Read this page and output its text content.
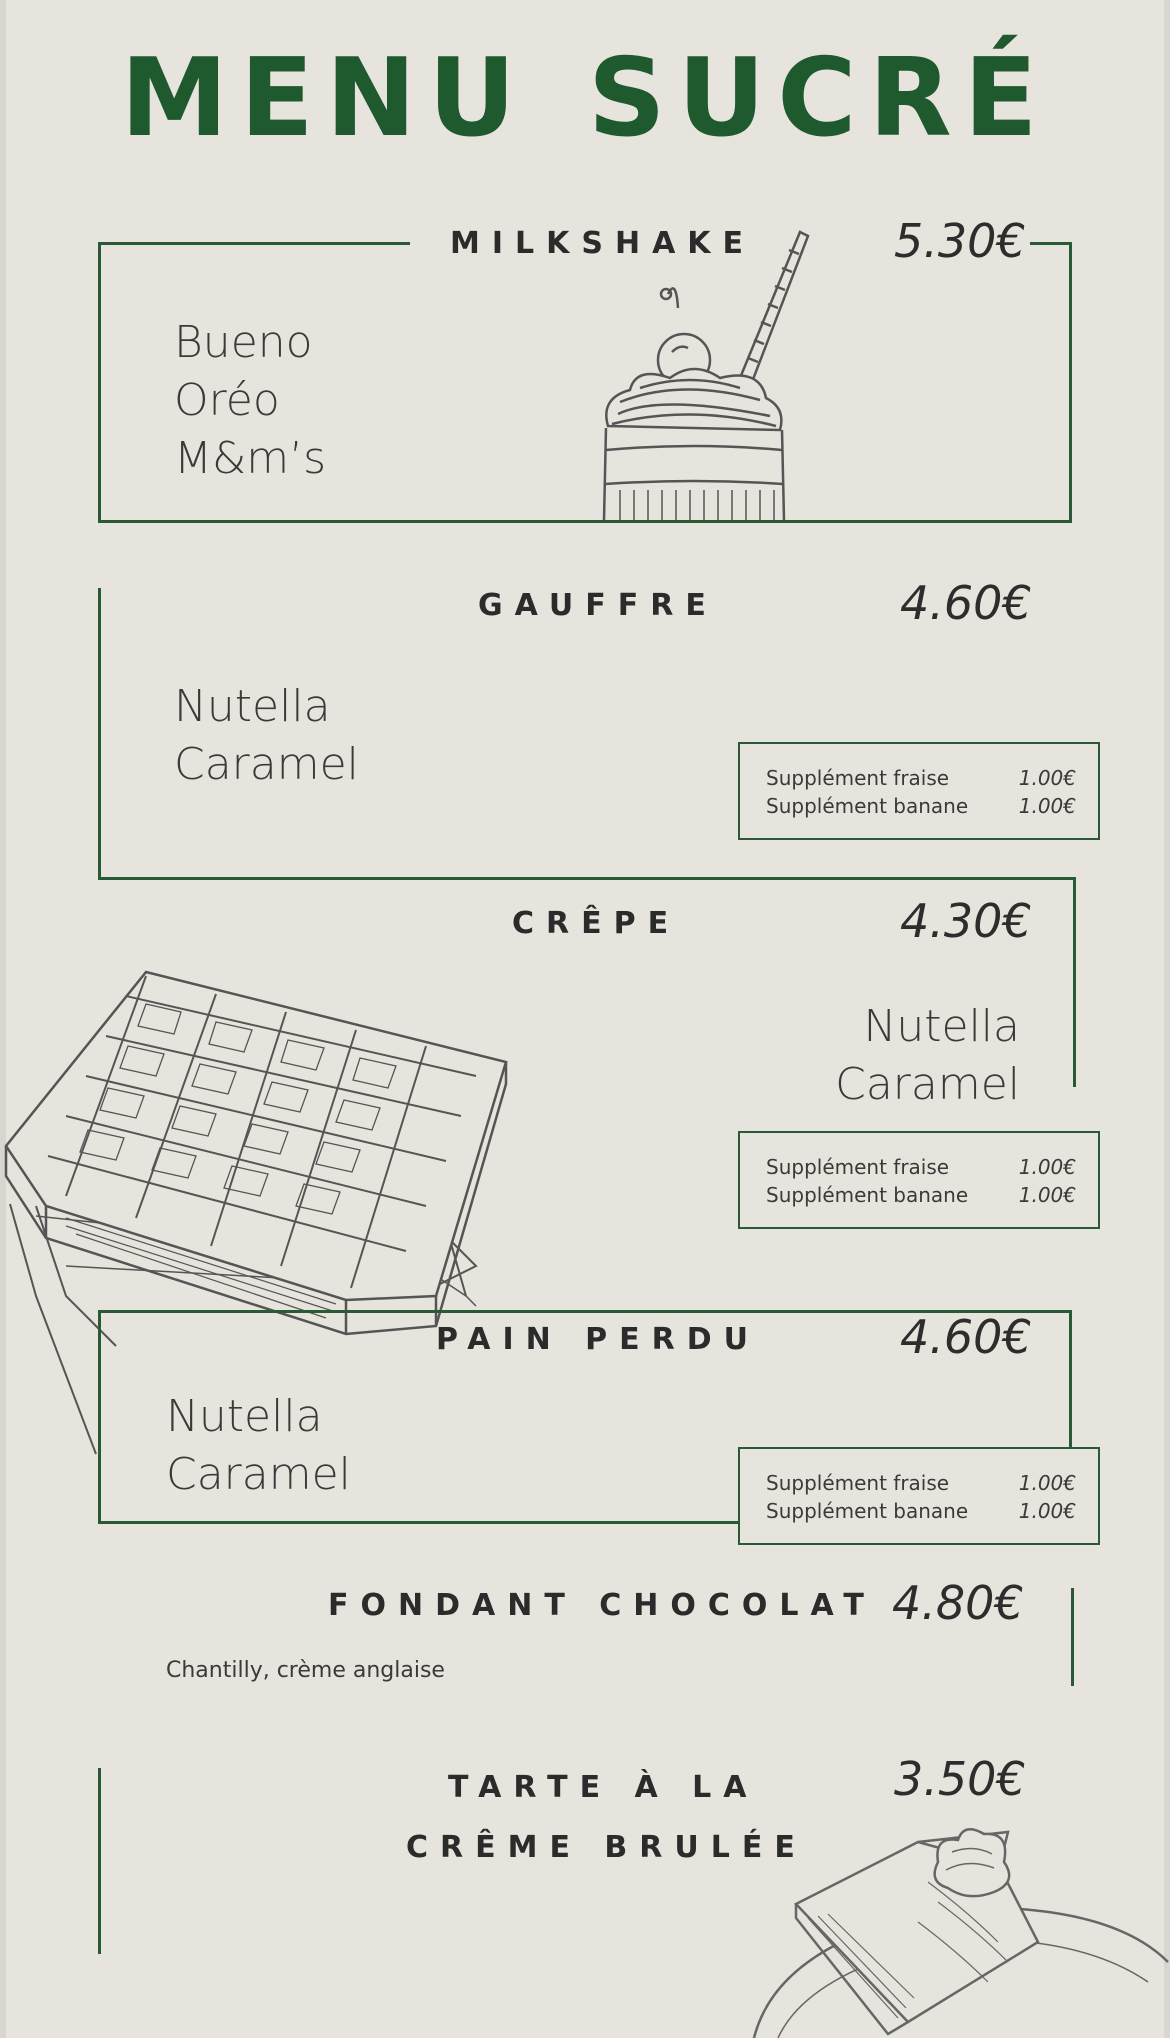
MENU SUCRÉ
MILKSHAKE	5.30€
Bueno
Oréo
M&m’s
GAUFFRE	4.60€
Nutella
Caramel	Supplément fraise	1.00€
Supplément banane	1.00€
CRÊPE	4.30€
Nutella
Caramel
Supplément fraise	1.00€
Supplément banane	1.00€
PAIN PERDU	4.60€
Nutella
Caramel	Supplément fraise	1.00€
Supplément banane	1.00€
FONDANT CHOCOLAT 4.80€
Chantilly, crème anglaise
TARTE À LA
CRÊME BRULÉE
3.50€
